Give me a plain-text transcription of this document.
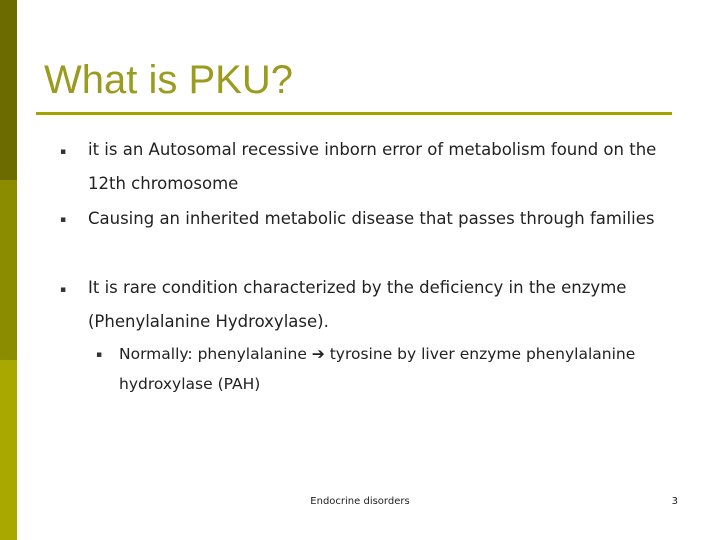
What is PKU?
▪ it is an Autosomal recessive inborn error of metabolism found on the 12th chromosome

▪ Causing an inherited metabolic disease that passes through families

▪ It is rare condition characterized by the deficiency in the enzyme (Phenylalanine Hydroxylase).

▪ Normally: phenylalanine ➔ tyrosine by liver enzyme phenylalanine hydroxylase (PAH)

Endocrine disorders	3
